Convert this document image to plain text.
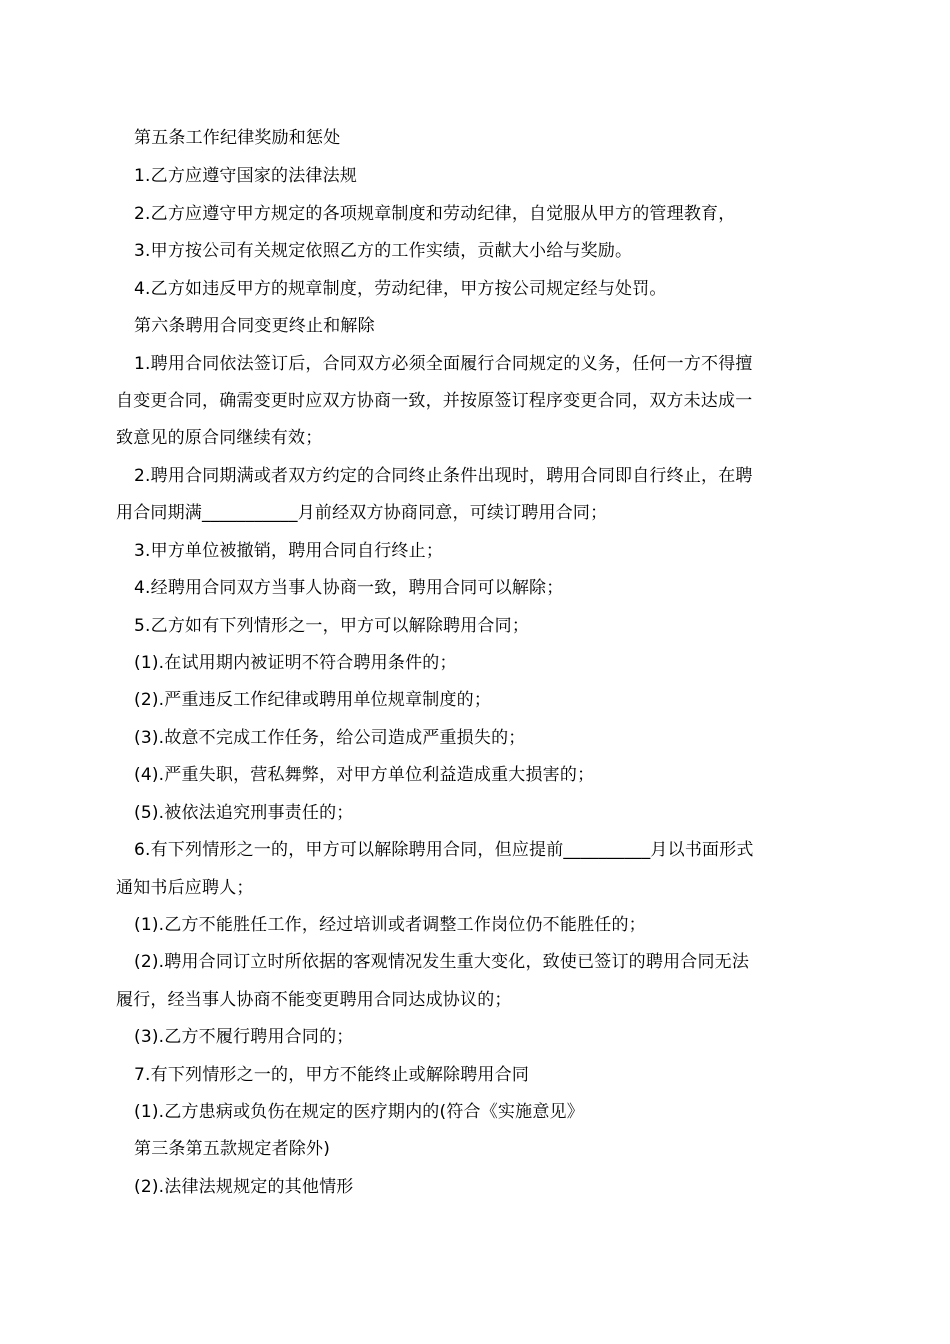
第五条工作纪律奖励和惩处
1.乙方应遵守国家的法律法规
2.乙方应遵守甲方规定的各项规章制度和劳动纪律，自觉服从甲方的管理教育，
3.甲方按公司有关规定依照乙方的工作实绩，贡献大小给与奖励。
4.乙方如违反甲方的规章制度，劳动纪律，甲方按公司规定经与处罚。
第六条聘用合同变更终止和解除
1.聘用合同依法签订后，合同双方必须全面履行合同规定的义务，任何一方不得擅
自变更合同，确需变更时应双方协商一致，并按原签订程序变更合同，双方未达成一
致意见的原合同继续有效；
2.聘用合同期满或者双方约定的合同终止条件出现时，聘用合同即自行终止，在聘
用合同期满___________月前经双方协商同意，可续订聘用合同；
3.甲方单位被撤销，聘用合同自行终止；
4.经聘用合同双方当事人协商一致，聘用合同可以解除；
5.乙方如有下列情形之一，甲方可以解除聘用合同；
(1).在试用期内被证明不符合聘用条件的；
(2).严重违反工作纪律或聘用单位规章制度的；
(3).故意不完成工作任务，给公司造成严重损失的；
(4).严重失职，营私舞弊，对甲方单位利益造成重大损害的；
(5).被依法追究刑事责任的；
6.有下列情形之一的，甲方可以解除聘用合同，但应提前__________月以书面形式
通知书后应聘人；
(1).乙方不能胜任工作，经过培训或者调整工作岗位仍不能胜任的；
(2).聘用合同订立时所依据的客观情况发生重大变化，致使已签订的聘用合同无法
履行，经当事人协商不能变更聘用合同达成协议的；
(3).乙方不履行聘用合同的；
7.有下列情形之一的，甲方不能终止或解除聘用合同
(1).乙方患病或负伤在规定的医疗期内的(符合《实施意见》
第三条第五款规定者除外)
(2).法律法规规定的其他情形
